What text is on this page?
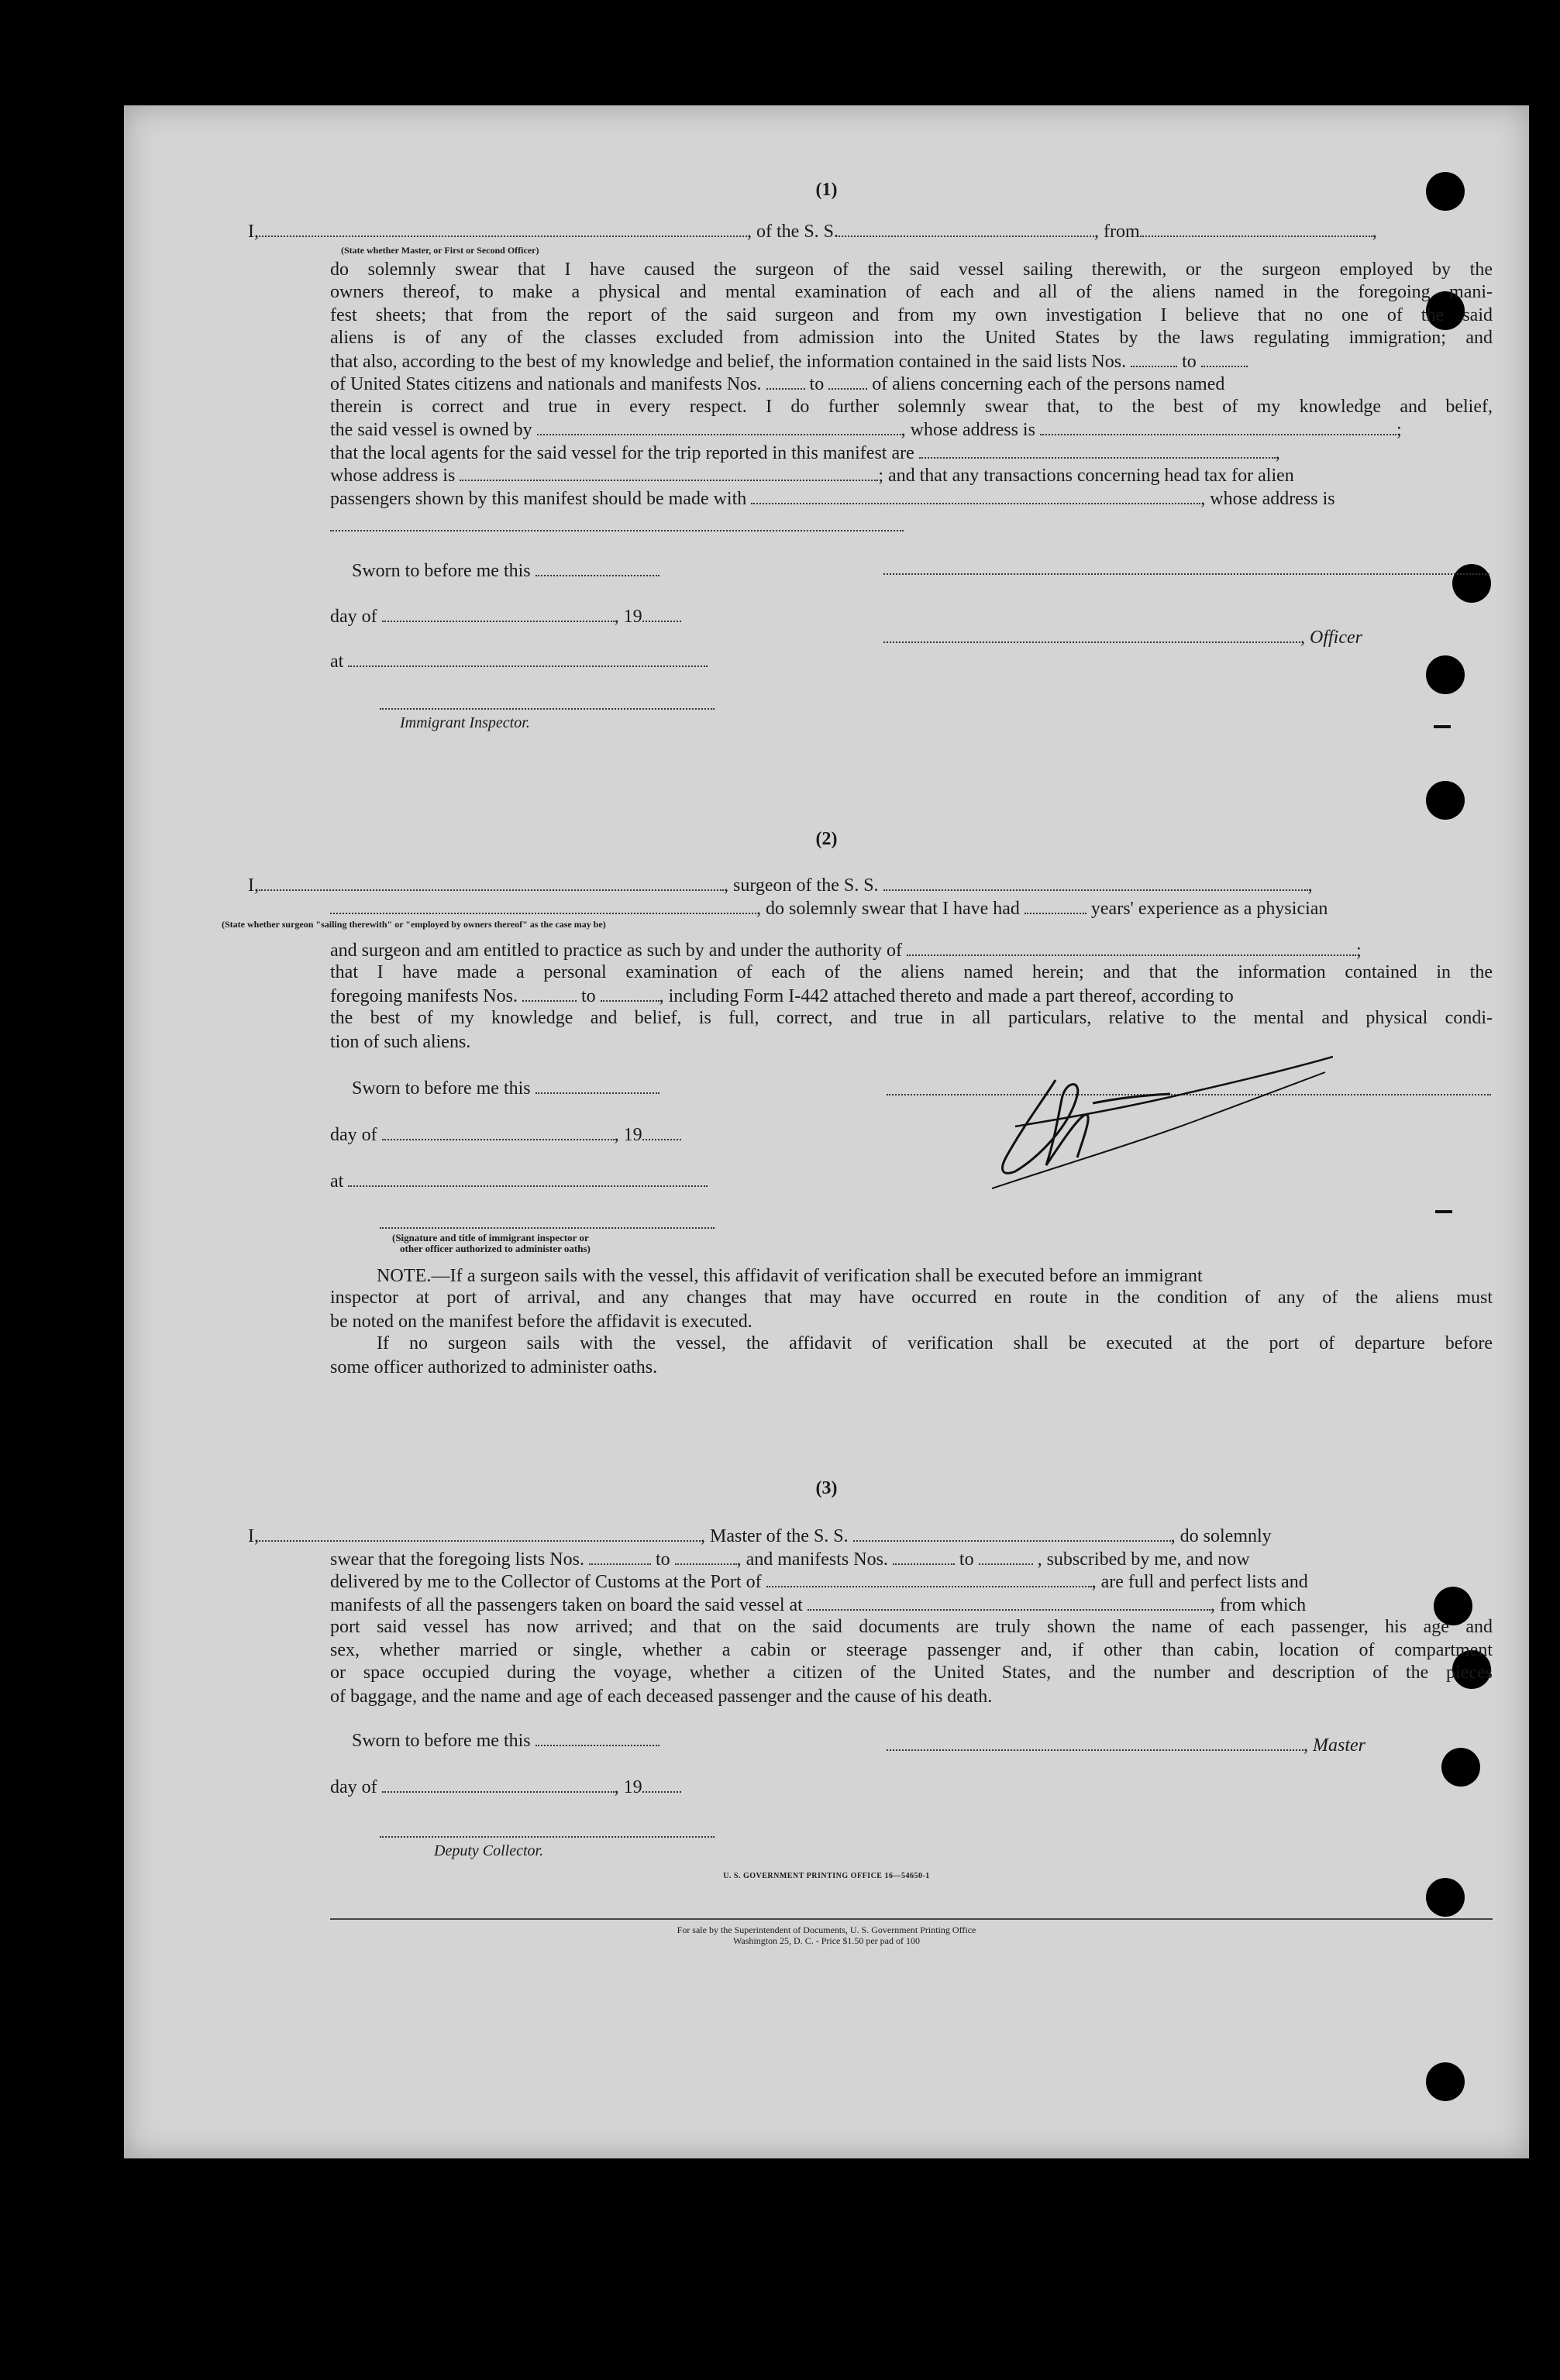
(1)
I,	, of the S. S.	, from	,
(State whether Master, or First or Second Officer)
do solemnly swear that I have caused the surgeon of the said vessel sailing therewith, or the surgeon employed by the
owners thereof, to make a physical and mental examination of each and all of the aliens named in the foregoing mani-
fest sheets; that from the report of the said surgeon and from my own investigation I believe that no one of the said
aliens is of any of the classes excluded from admission into the United States by the laws regulating immigration; and
that also, according to the best of my knowledge and belief, the information contained in the said lists Nos.	to
of United States citizens and nationals and manifests Nos.	to	of aliens concerning each of the persons named
therein is correct and true in every respect. I do further solemnly swear that, to the best of my knowledge and belief,
the said vessel is owned by	, whose address is	;
that the local agents for the said vessel for the trip reported in this manifest are	,
whose address is	; and that any transactions concerning head tax for alien
passengers shown by this manifest should be made with	, whose address is
Sworn to before me this
day of	, 19
, Officer
at
Immigrant Inspector.
(2)
I,	, surgeon of the S. S.	,
, do solemnly swear that I have had	years' experience as a physician
(State whether surgeon "sailing therewith" or "employed by owners thereof" as the case may be)
and surgeon and am entitled to practice as such by and under the authority of	;
that I have made a personal examination of each of the aliens named herein; and that the information contained in the
foregoing manifests Nos.	to	, including Form I-442 attached thereto and made a part thereof, according to
the best of my knowledge and belief, is full, correct, and true in all particulars, relative to the mental and physical condi-
tion of such aliens.
Sworn to before me this
day of	, 19
at
(Signature and title of immigrant inspector or
other officer authorized to administer oaths)
NOTE.—If a surgeon sails with the vessel, this affidavit of verification shall be executed before an immigrant
inspector at port of arrival, and any changes that may have occurred en route in the condition of any of the aliens must
be noted on the manifest before the affidavit is executed.
If no surgeon sails with the vessel, the affidavit of verification shall be executed at the port of departure before
some officer authorized to administer oaths.
(3)
I,	, Master of the S. S.	, do solemnly
swear that the foregoing lists Nos.	to	, and manifests Nos.	to	, subscribed by me, and now
delivered by me to the Collector of Customs at the Port of	, are full and perfect lists and
manifests of all the passengers taken on board the said vessel at	, from which
port said vessel has now arrived; and that on the said documents are truly shown the name of each passenger, his age and
sex, whether married or single, whether a cabin or steerage passenger and, if other than cabin, location of compartment
or space occupied during the voyage, whether a citizen of the United States, and the number and description of the pieces
of baggage, and the name and age of each deceased passenger and the cause of his death.
Sworn to before me this	, Master
day of	, 19
Deputy Collector.
U. S. GOVERNMENT PRINTING OFFICE 16—54650-1
For sale by the Superintendent of Documents, U. S. Government Printing Office
Washington 25, D. C. - Price $1.50 per pad of 100
